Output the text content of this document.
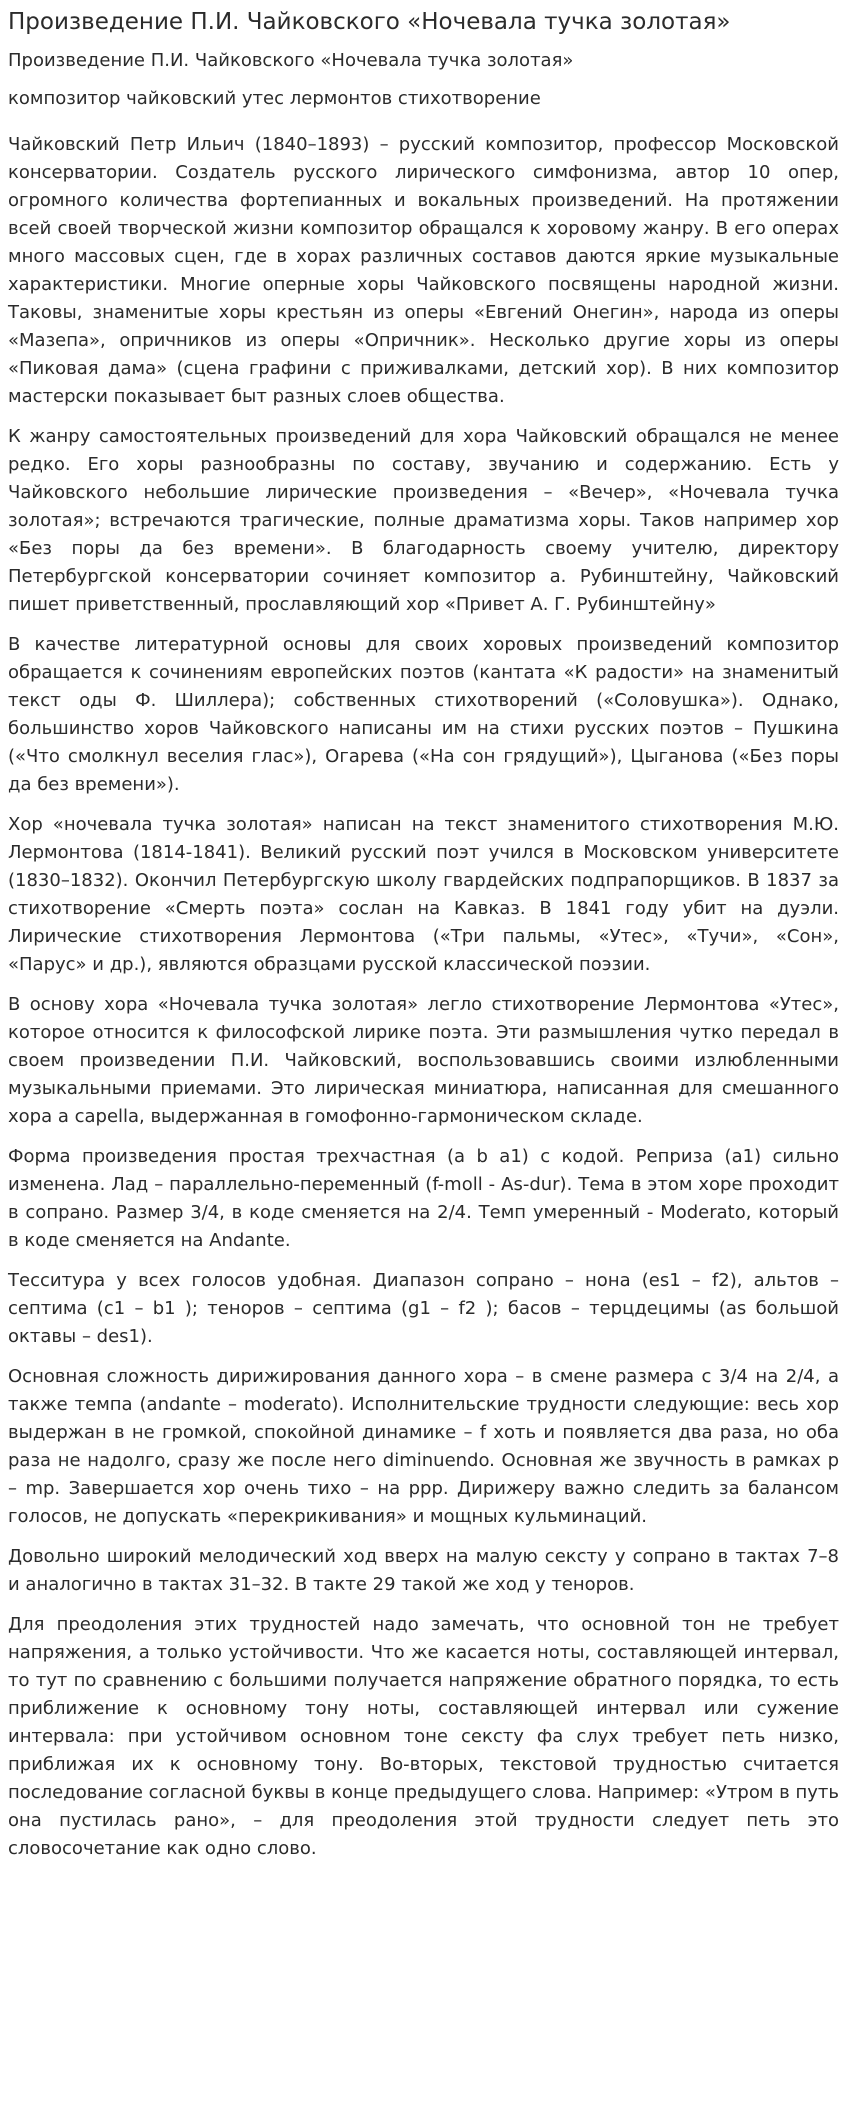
Произведение П.И. Чайковского «Ночевала тучка золотая»
Произведение П.И. Чайковского «Ночевала тучка золотая»
композитор чайковский утес лермонтов стихотворение

Чайковский Петр Ильич (1840–1893) – русский композитор, профессор Московской консерватории. Создатель русского лирического симфонизма, автор 10 опер, огромного количества фортепианных и вокальных произведений. На протяжении всей своей творческой жизни композитор обращался к хоровому жанру. В его операх много массовых сцен, где в хорах различных составов даются яркие музыкальные характеристики. Многие оперные хоры Чайковского посвящены народной жизни. Таковы, знаменитые хоры крестьян из оперы «Евгений Онегин», народа из оперы «Мазепа», опричников из оперы «Опричник». Несколько другие хоры из оперы «Пиковая дама» (сцена графини с приживалками, детский хор). В них композитор мастерски показывает быт разных слоев общества.

К жанру самостоятельных произведений для хора Чайковский обращался не менее редко. Его хоры разнообразны по составу, звучанию и содержанию. Есть у Чайковского небольшие лирические произведения – «Вечер», «Ночевала тучка золотая»; встречаются трагические, полные драматизма хоры. Таков например хор «Без поры да без времени». В благодарность своему учителю, директору Петербургской консерватории сочиняет композитор а. Рубинштейну, Чайковский пишет приветственный, прославляющий хор «Привет А. Г. Рубинштейну»

В качестве литературной основы для своих хоровых произведений композитор обращается к сочинениям европейских поэтов (кантата «К радости» на знаменитый текст оды Ф. Шиллера); собственных стихотворений («Соловушка»). Однако, большинство хоров Чайковского написаны им на стихи русских поэтов – Пушкина («Что смолкнул веселия глас»), Огарева («На сон грядущий»), Цыганова («Без поры да без времени»).

Хор «ночевала тучка золотая» написан на текст знаменитого стихотворения М.Ю. Лермонтова (1814-1841). Великий русский поэт учился в Московском университете (1830–1832). Окончил Петербургскую школу гвардейских подпрапорщиков. В 1837 за стихотворение «Смерть поэта» сослан на Кавказ. В 1841 году убит на дуэли. Лирические стихотворения Лермонтова («Три пальмы, «Утес», «Тучи», «Сон», «Парус» и др.), являются образцами русской классической поэзии.

В основу хора «Ночевала тучка золотая» легло стихотворение Лермонтова «Утес», которое относится к философской лирике поэта. Эти размышления чутко передал в своем произведении П.И. Чайковский, воспользовавшись своими излюбленными музыкальными приемами. Это лирическая миниатюра, написанная для смешанного хора a capella, выдержанная в гомофонно-гармоническом складе.

Форма произведения простая трехчастная (a b a1) с кодой. Реприза (a1) сильно изменена. Лад – параллельно-переменный (f-moll - As-dur). Тема в этом хоре проходит в сопрано. Размер 3/4, в коде сменяется на 2/4. Темп умеренный - Moderato, который в коде сменяется на Andante.

Тесситура у всех голосов удобная. Диапазон сопрано – нона (es1 – f2), альтов – септима (c1 – b1 ); теноров – септима (g1 – f2 ); басов – терцдецимы (as большой октавы – des1).

Основная сложность дирижирования данного хора – в смене размера с 3/4 на 2/4, а также темпа (andante – moderato). Исполнительские трудности следующие: весь хор выдержан в не громкой, спокойной динамике – f хоть и появляется два раза, но оба раза не надолго, сразу же после него diminuendo. Основная же звучность в рамках p – mp. Завершается хор очень тихо – на ppp. Дирижеру важно следить за балансом голосов, не допускать «перекрикивания» и мощных кульминаций.

Довольно широкий мелодический ход вверх на малую сексту у сопрано в тактах 7–8 и аналогично в тактах 31–32. В такте 29 такой же ход у теноров.

Для преодоления этих трудностей надо замечать, что основной тон не требует напряжения, а только устойчивости. Что же касается ноты, составляющей интервал, то тут по сравнению с большими получается напряжение обратного порядка, то есть приближение к основному тону ноты, составляющей интервал или сужение интервала: при устойчивом основном тоне сексту фа слух требует петь низко, приближая их к основному тону. Во-вторых, текстовой трудностью считается последование согласной буквы в конце предыдущего слова. Например: «Утром в путь она пустилась рано», – для преодоления этой трудности следует петь это словосочетание как одно слово.
